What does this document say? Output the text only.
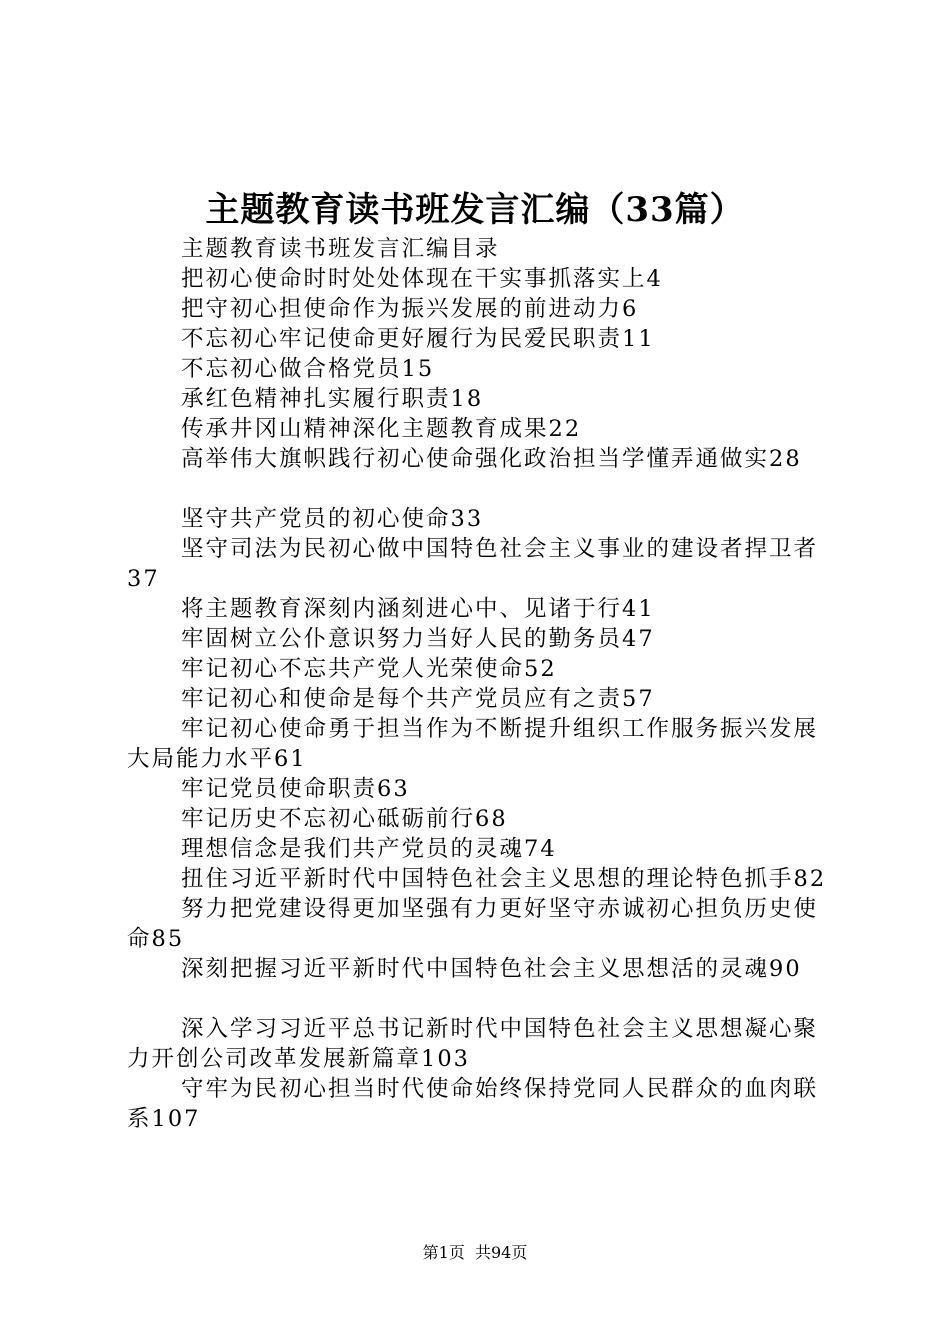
主题教育读书班发言汇编（33篇）
主题教育读书班发言汇编目录
把初心使命时时处处体现在干实事抓落实上4
把守初心担使命作为振兴发展的前进动力6
不忘初心牢记使命更好履行为民爱民职责11
不忘初心做合格党员15
承红色精神扎实履行职责18
传承井冈山精神深化主题教育成果22
高举伟大旗帜践行初心使命强化政治担当学懂弄通做实28
坚守共产党员的初心使命33
坚守司法为民初心做中国特色社会主义事业的建设者捍卫者37
将主题教育深刻内涵刻进心中、见诸于行41
牢固树立公仆意识努力当好人民的勤务员47
牢记初心不忘共产党人光荣使命52
牢记初心和使命是每个共产党员应有之责57
牢记初心使命勇于担当作为不断提升组织工作服务振兴发展大局能力水平61
牢记党员使命职责63
牢记历史不忘初心砥砺前行68
理想信念是我们共产党员的灵魂74
扭住习近平新时代中国特色社会主义思想的理论特色抓手82
努力把党建设得更加坚强有力更好坚守赤诚初心担负历史使命85
深刻把握习近平新时代中国特色社会主义思想活的灵魂90
深入学习习近平总书记新时代中国特色社会主义思想凝心聚力开创公司改革发展新篇章103
守牢为民初心担当时代使命始终保持党同人民群众的血肉联系107
第1页  共94页
